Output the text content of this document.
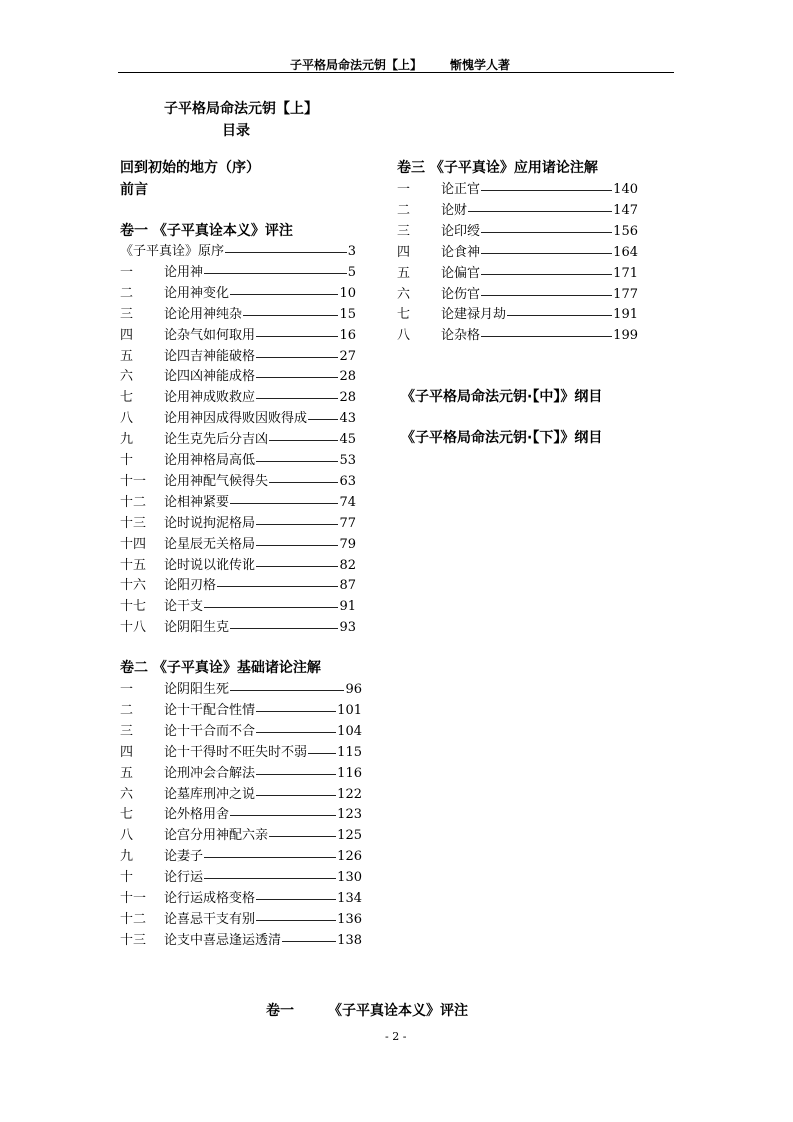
子平格局命法元钥【上】 惭愧学人著
子平格局命法元钥【上】
目录
回到初始的地方（序）
前言
卷一 《子平真诠本义》评注
《子平真诠》原序	3
一	论用神	5
二	论用神变化	10
三	论论用神纯杂	15
四	论杂气如何取用	16
五	论四吉神能破格	27
六	论四凶神能成格	28
七	论用神成败救应	28
八	论用神因成得败因败得成 43
九	论生克先后分吉凶	45
十	论用神格局高低	53
十一	论用神配气候得失	63
十二	论相神紧要	74
十三	论时说拘泥格局	77
十四	论星辰无关格局	79
十五	论时说以讹传讹	82
十六	论阳刃格	87
十七	论干支	91
十八	论阴阳生克	93
卷二 《子平真诠》基础诸论注解
一	论阴阳生死	96
二	论十干配合性情	101
三	论十干合而不合	104
四	论十干得时不旺失时不弱 115
五	论刑冲会合解法	116
六	论墓库刑冲之说	122
七	论外格用舍	123
八	论宫分用神配六亲	125
九	论妻子	126
十	论行运	130
十一	论行运成格变格	134
十二	论喜忌干支有别	136
十三	论支中喜忌逢运透清	138
卷三 《子平真诠》应用诸论注解
一	论正官	140
二	论财	147
三	论印绶	156
四	论食神	164
五	论偏官	171
六	论伤官	177
七	论建禄月劫	191
八	论杂格	199
《子平格局命法元钥·【中】》纲目
《子平格局命法元钥·【下】》纲目
卷一 《子平真诠本义》评注
- 2 -
